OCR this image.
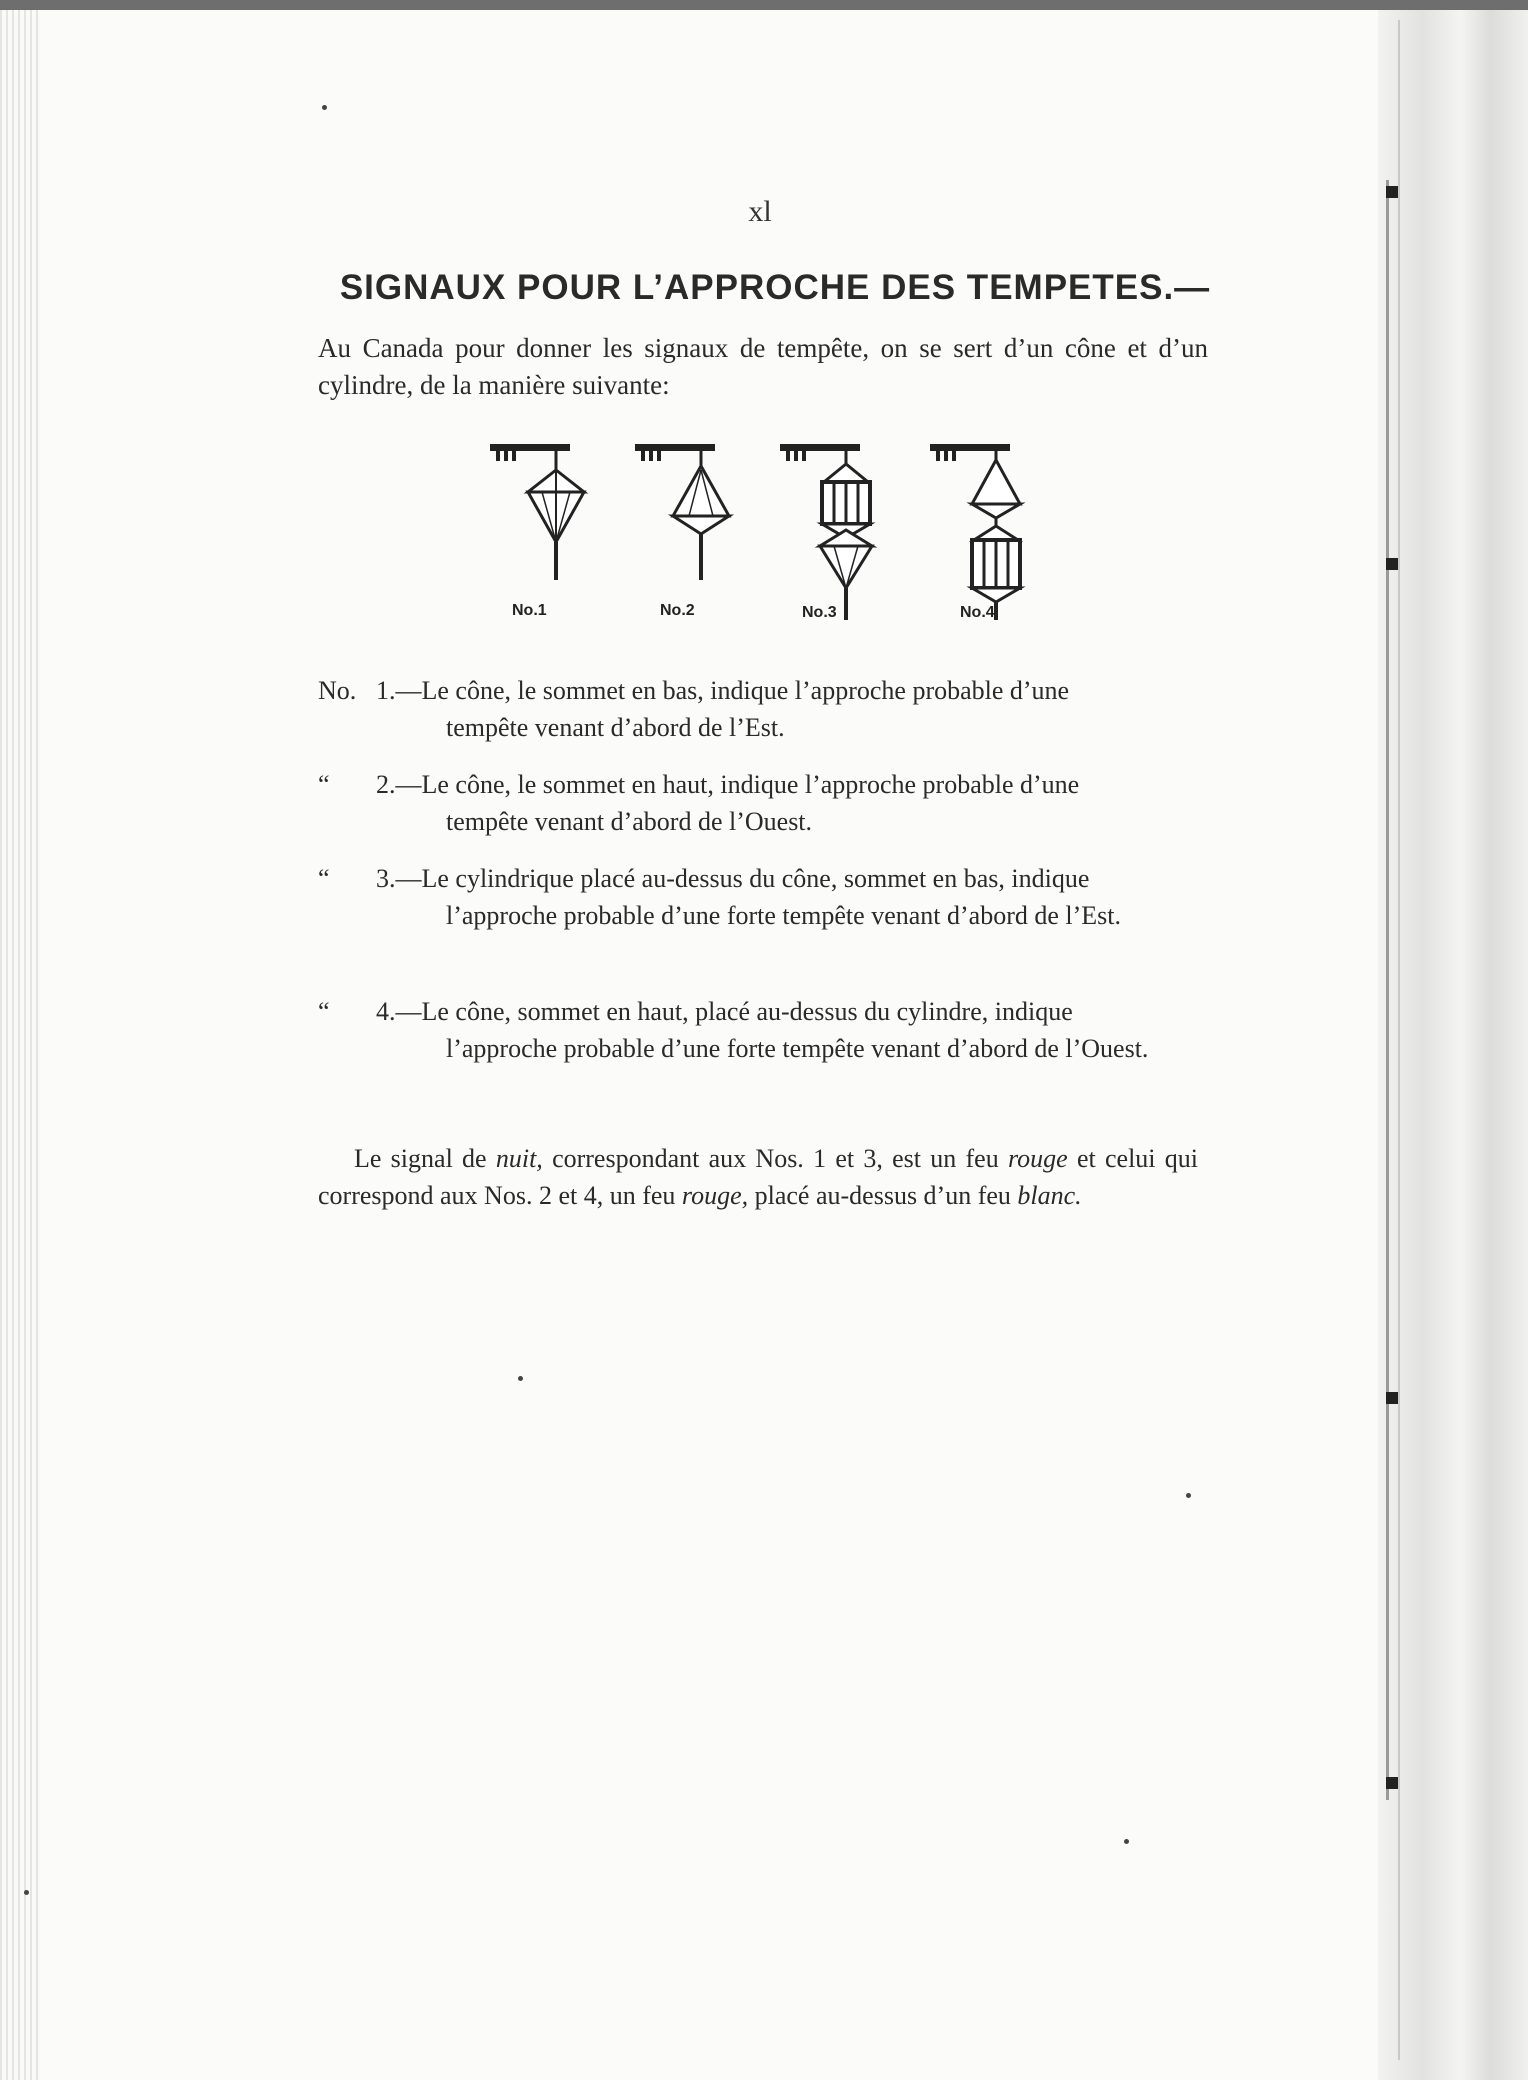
xl
SIGNAUX POUR L’APPROCHE DES TEMPETES.—
Au Canada pour donner les signaux de tempête, on se sert d’un cône et d’un cylindre, de la manière suivante:
No.1	No.2	No.3	No.4
No. 1.—Le cône, le sommet en bas, indique l’approche probable d’une
tempête venant d’abord de l’Est.
“	2.—Le cône, le sommet en haut, indique l’approche probable d’une
tempête venant d’abord de l’Ouest.
“	3.—Le cylindrique placé au-dessus du cône, sommet en bas, indique
l’approche probable d’une forte tempête venant d’abord de l’Est.
“	4.—Le cône, sommet en haut, placé au-dessus du cylindre, indique
l’approche probable d’une forte tempête venant d’abord de l’Ouest.
Le signal de nuit, correspondant aux Nos. 1 et 3, est un feu rouge et celui qui correspond aux Nos. 2 et 4, un feu rouge, placé au-dessus d’un feu blanc.
